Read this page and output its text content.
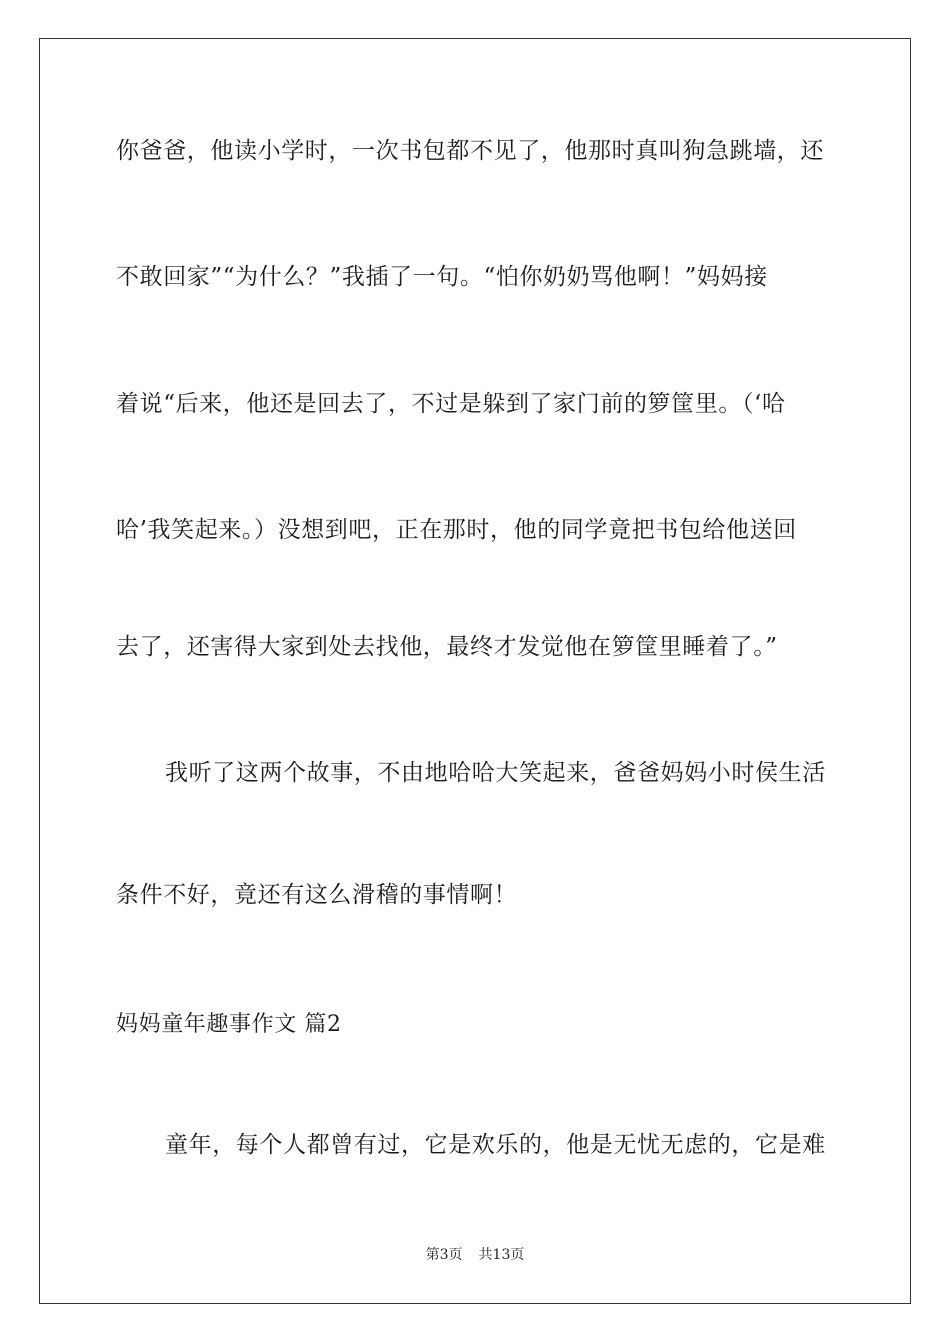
你爸爸，他读小学时，一次书包都不见了，他那时真叫狗急跳墙，还
不敢回家”“为什么？”我插了一句。“怕你奶奶骂他啊！”妈妈接
着说“后来，他还是回去了，不过是躲到了家门前的箩筐里。（‘哈
哈’我笑起来。）没想到吧，正在那时，他的同学竟把书包给他送回
去了，还害得大家到处去找他，最终才发觉他在箩筐里睡着了。”
我听了这两个故事，不由地哈哈大笑起来，爸爸妈妈小时侯生活
条件不好，竟还有这么滑稽的事情啊！
妈妈童年趣事作文 篇2
童年，每个人都曾有过，它是欢乐的，他是无忧无虑的，它是难
第3页 共13页
